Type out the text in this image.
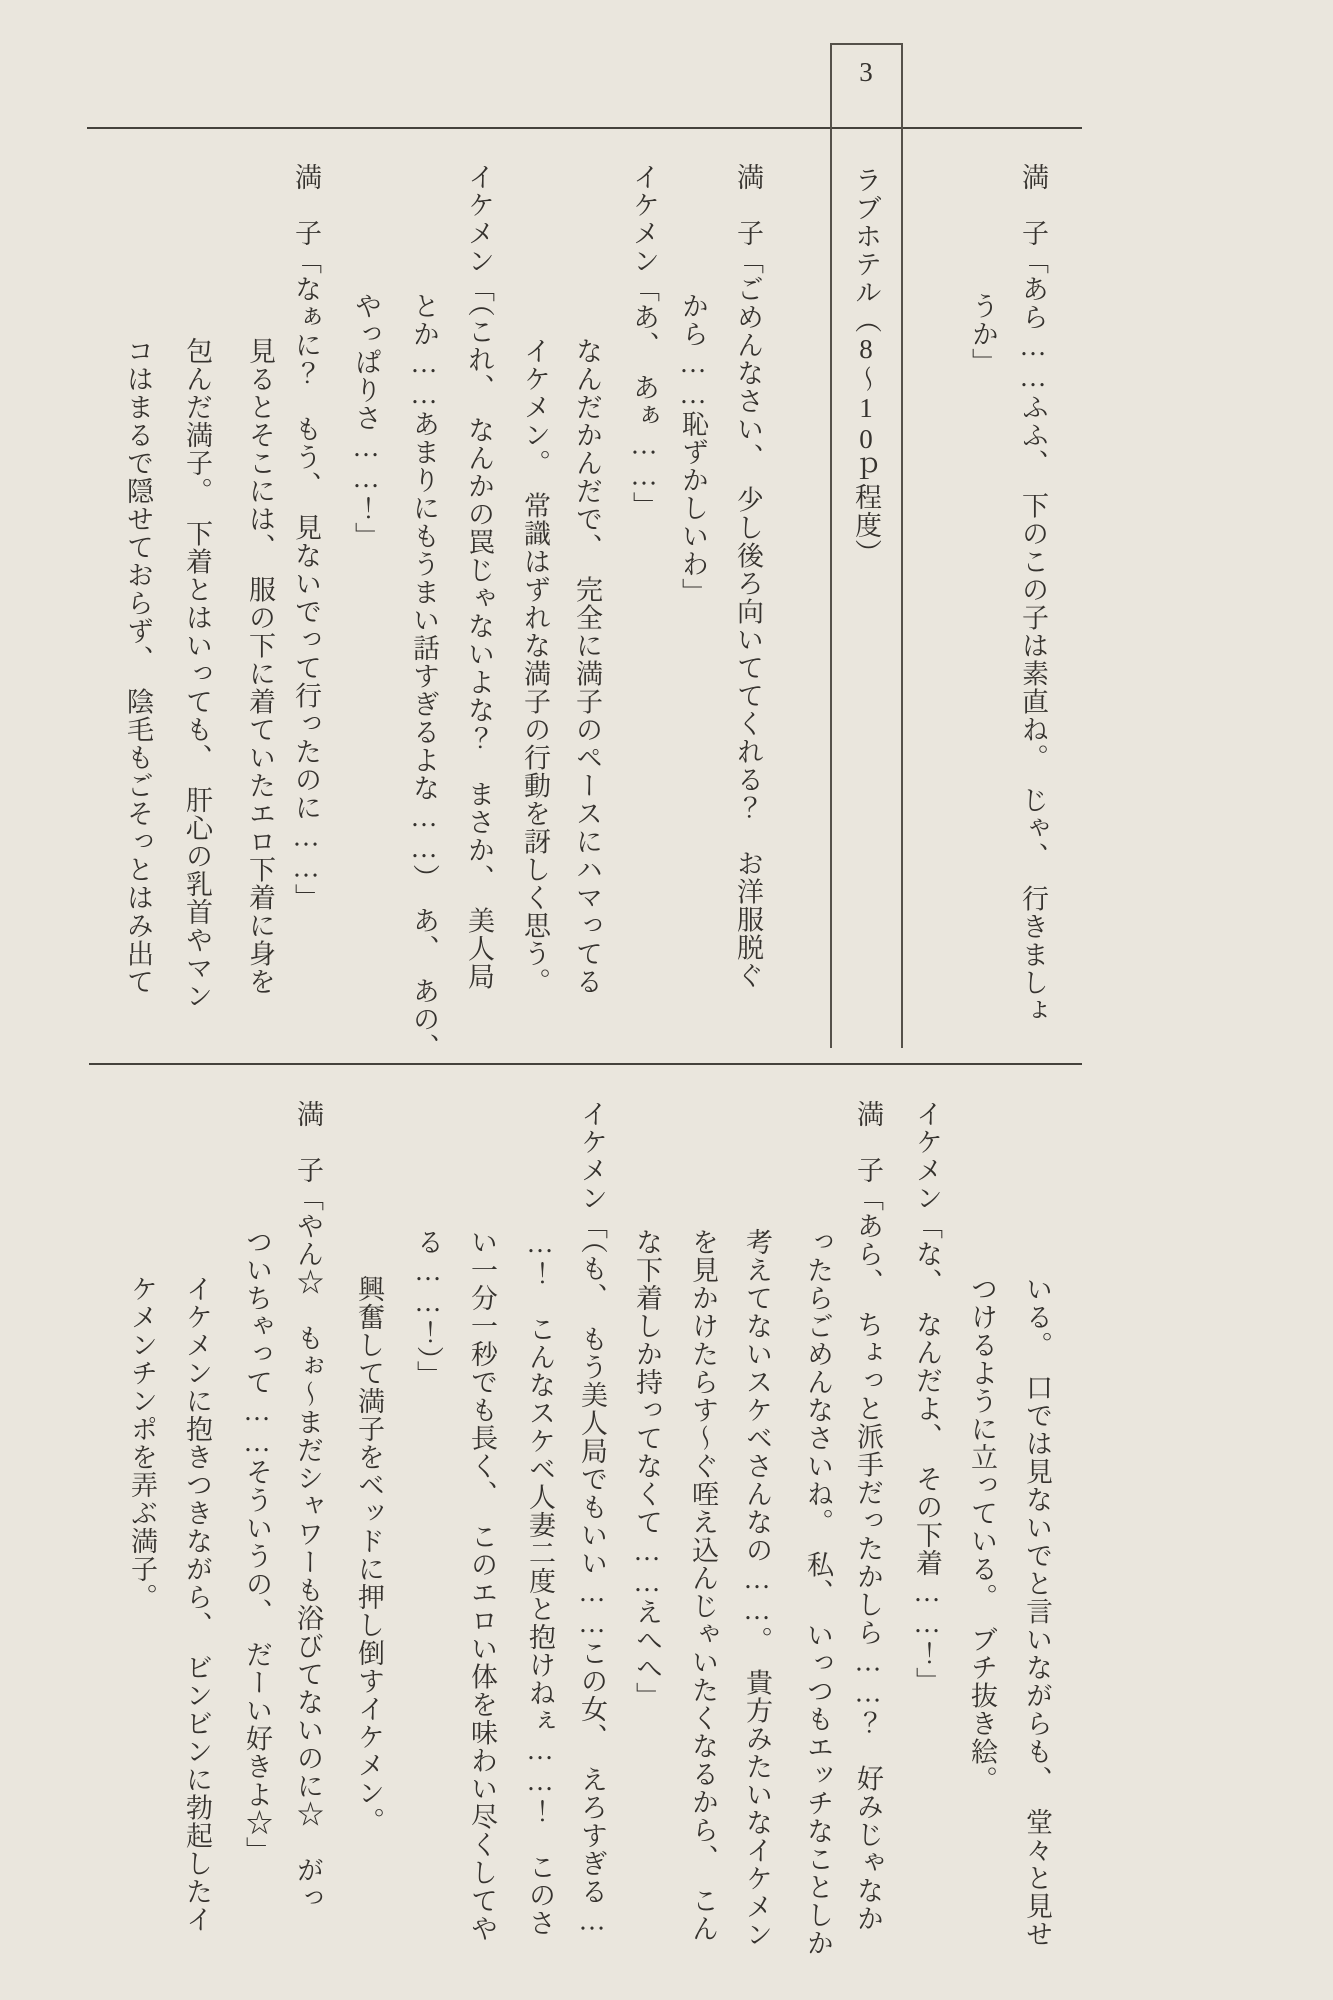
3
ラブホテル（8～10ｐ程度）	満　子「あら……ふふ、　下のこの子は素直ね。　じゃ、　行きましょ
うか」
満　子「ごめんなさい、　少し後ろ向いててくれる？　お洋服脱ぐ
から……恥ずかしいわ」
イケメン「あ、　あぁ……」
なんだかんだで、　完全に満子のペースにハマってる
イケメン。　常識はずれな満子の行動を訝しく思う。
イケメン「（これ、　なんかの罠じゃないよな？　まさか、　美人局
とか……あまりにもうまい話すぎるよな……）　あ、　あの、
やっぱりさ……！」
満　子「なぁに？　もう、　見ないでって行ったのに……」
見るとそこには、　服の下に着ていたエロ下着に身を
包んだ満子。　下着とはいっても、　肝心の乳首やマン
コはまるで隠せておらず、　陰毛もごそっとはみ出て
いる。　口では見ないでと言いながらも、　堂々と見せ
つけるように立っている。　ブチ抜き絵。
イケメン「な、　なんだよ、　その下着……！」
満　子「あら、　ちょっと派手だったかしら……？　好みじゃなか
ったらごめんなさいね。　私、　いっつもエッチなことしか
考えてないスケベさんなの……。　貴方みたいなイケメン
を見かけたらす～ぐ咥え込んじゃいたくなるから、　こん
な下着しか持ってなくて……えへへ」
イケメン「（も、　もう美人局でもいい……この女、　えろすぎる…
…！　こんなスケベ人妻二度と抱けねぇ……！　このさ
い一分一秒でも長く、　このエロい体を味わい尽くしてや
る……！）」
興奮して満子をベッドに押し倒すイケメン。
満　子「やん☆　もぉ～まだシャワーも浴びてないのに☆　がっ
ついちゃって……そういうの、　だーい好きよ☆」
イケメンに抱きつきながら、　ビンビンに勃起したイ
ケメンチンポを弄ぶ満子。
